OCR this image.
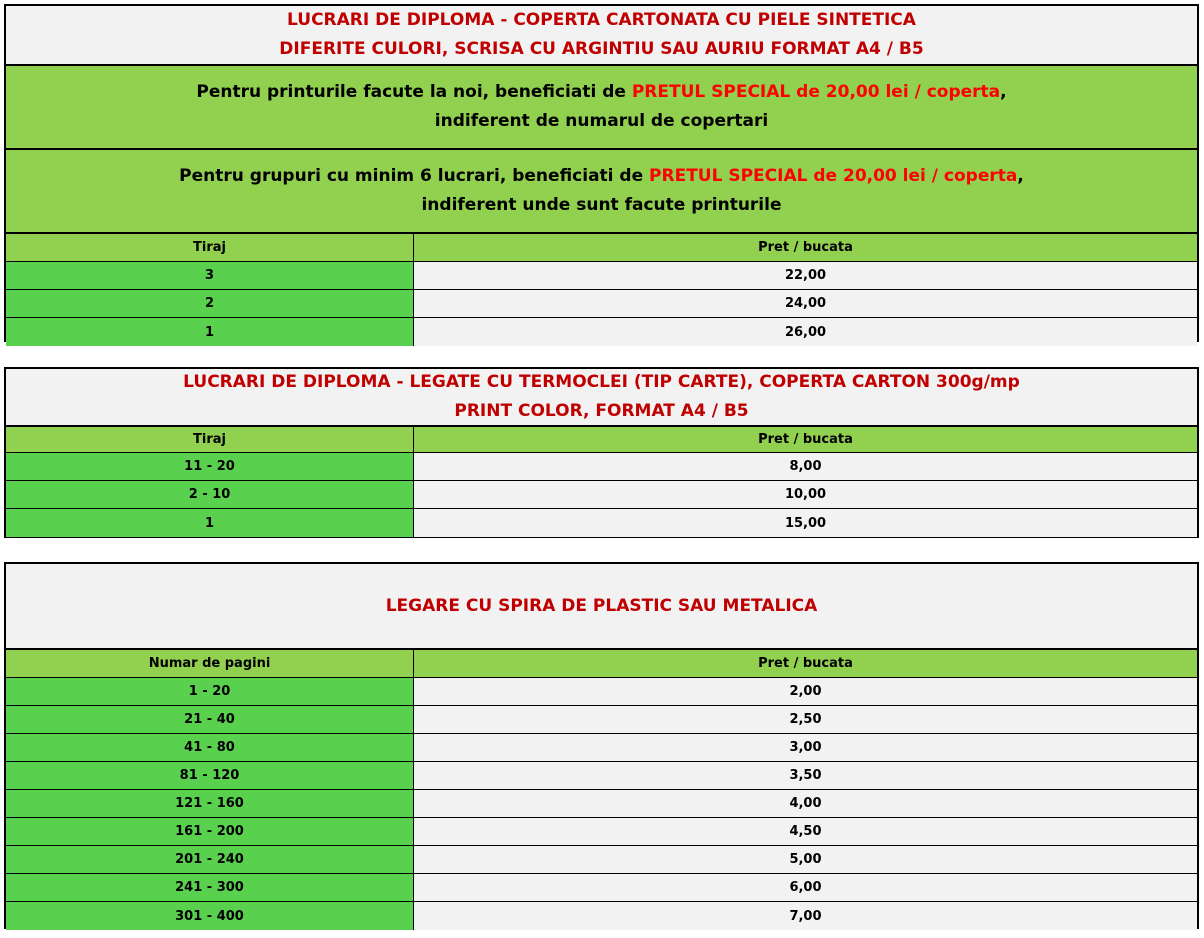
LUCRARI DE DIPLOMA - COPERTA CARTONATA CU PIELE SINTETICA
DIFERITE CULORI, SCRISA CU ARGINTIU SAU AURIU FORMAT A4 / B5
Pentru printurile facute la noi, beneficiati de PRETUL SPECIAL de 20,00 lei / coperta,
indiferent de numarul de copertari
Pentru grupuri cu minim 6 lucrari, beneficiati de PRETUL SPECIAL de 20,00 lei / coperta,
indiferent unde sunt facute printurile
Tiraj	Pret / bucata
3	22,00
2	24,00
1	26,00
LUCRARI DE DIPLOMA - LEGATE CU TERMOCLEI (TIP CARTE), COPERTA CARTON 300g/mp
PRINT COLOR, FORMAT A4 / B5
Tiraj	Pret / bucata
11 - 20	8,00
2 - 10	10,00
1	15,00
LEGARE CU SPIRA DE PLASTIC SAU METALICA
Numar de pagini	Pret / bucata
1 - 20	2,00
21 - 40	2,50
41 - 80	3,00
81 - 120	3,50
121 - 160	4,00
161 - 200	4,50
201 - 240	5,00
241 - 300	6,00
301 - 400	7,00
